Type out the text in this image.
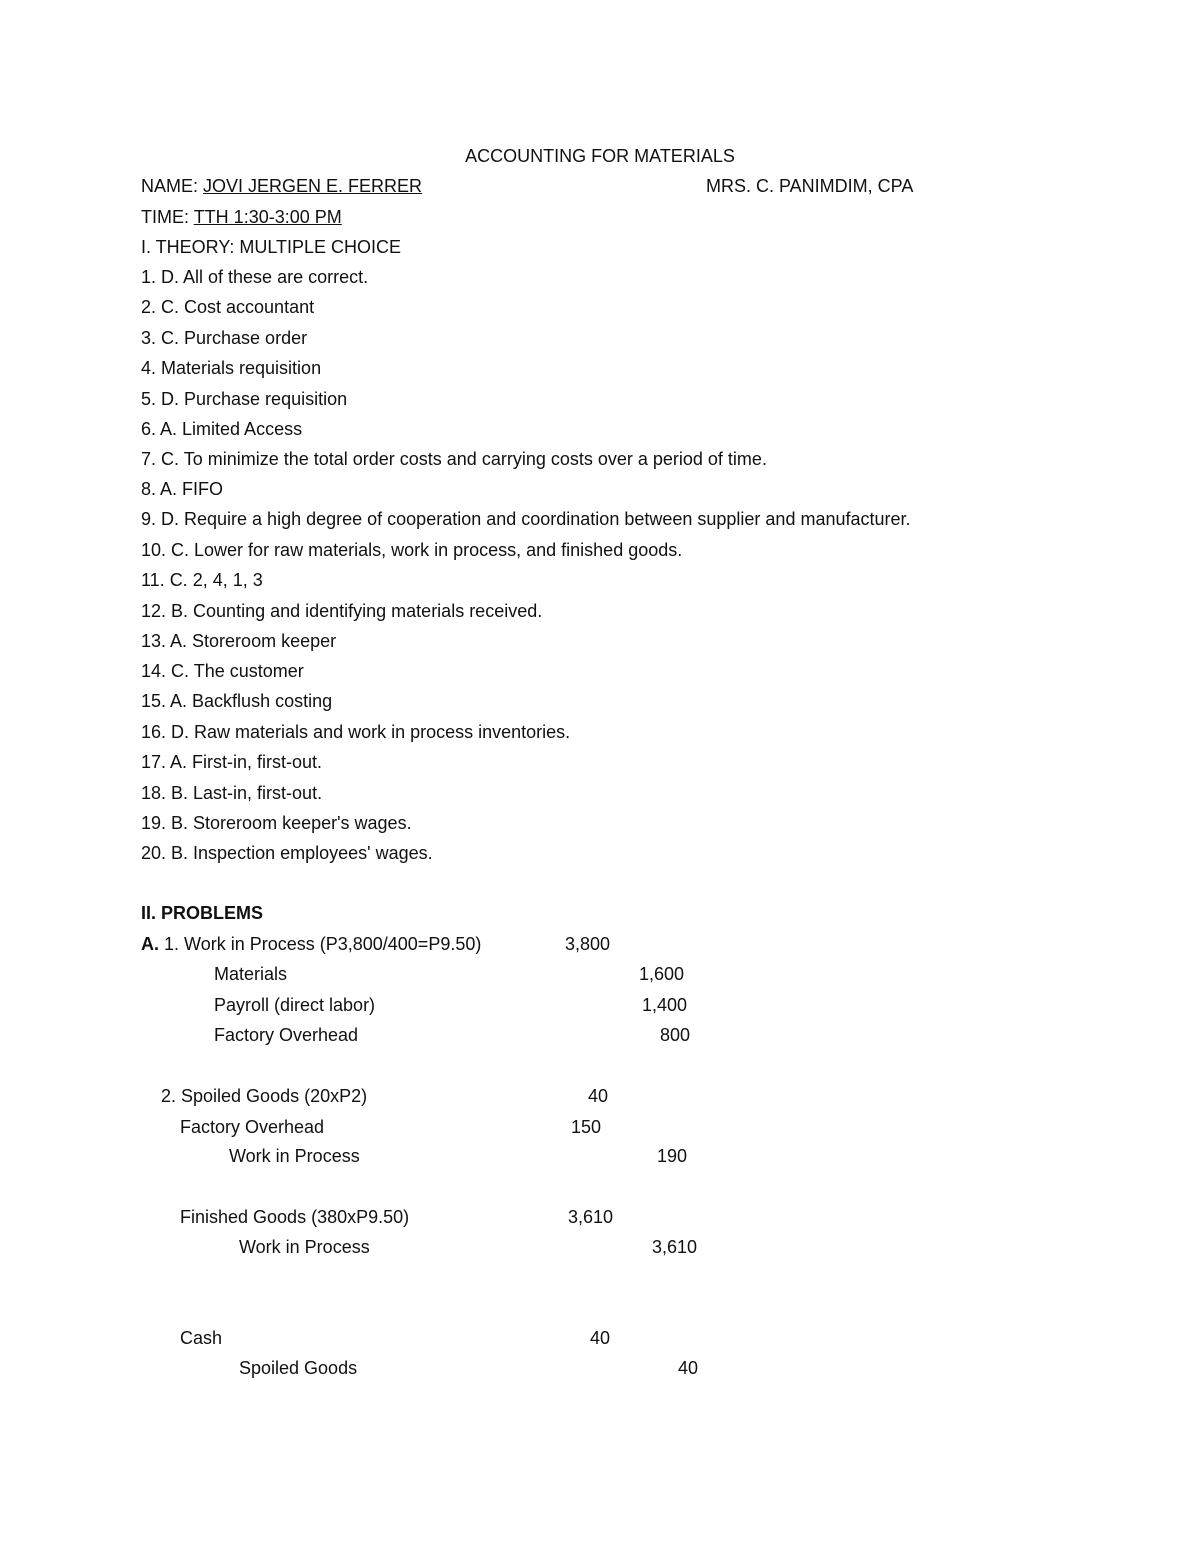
ACCOUNTING FOR MATERIALS
NAME: JOVI JERGEN E. FERRER	MRS. C. PANIMDIM, CPA
TIME: TTH 1:30-3:00 PM
I. THEORY: MULTIPLE CHOICE
1. D. All of these are correct.
2. C. Cost accountant
3. C. Purchase order
4. Materials requisition
5. D. Purchase requisition
6. A. Limited Access
7. C. To minimize the total order costs and carrying costs over a period of time.
8. A. FIFO
9. D. Require a high degree of cooperation and coordination between supplier and manufacturer.
10. C. Lower for raw materials, work in process, and finished goods.
11. C. 2, 4, 1, 3
12. B. Counting and identifying materials received.
13. A. Storeroom keeper
14. C. The customer
15. A. Backflush costing
16. D. Raw materials and work in process inventories.
17. A. First-in, first-out.
18. B. Last-in, first-out.
19. B. Storeroom keeper's wages.
20. B. Inspection employees' wages.
II. PROBLEMS
A. 1. Work in Process (P3,800/400=P9.50)	3,800
Materials	1,600
Payroll (direct labor)	1,400
Factory Overhead	800
2. Spoiled Goods (20xP2)	40
Factory Overhead	150
Work in Process	190
Finished Goods (380xP9.50)	3,610
Work in Process	3,610
Cash	40
Spoiled Goods	40
